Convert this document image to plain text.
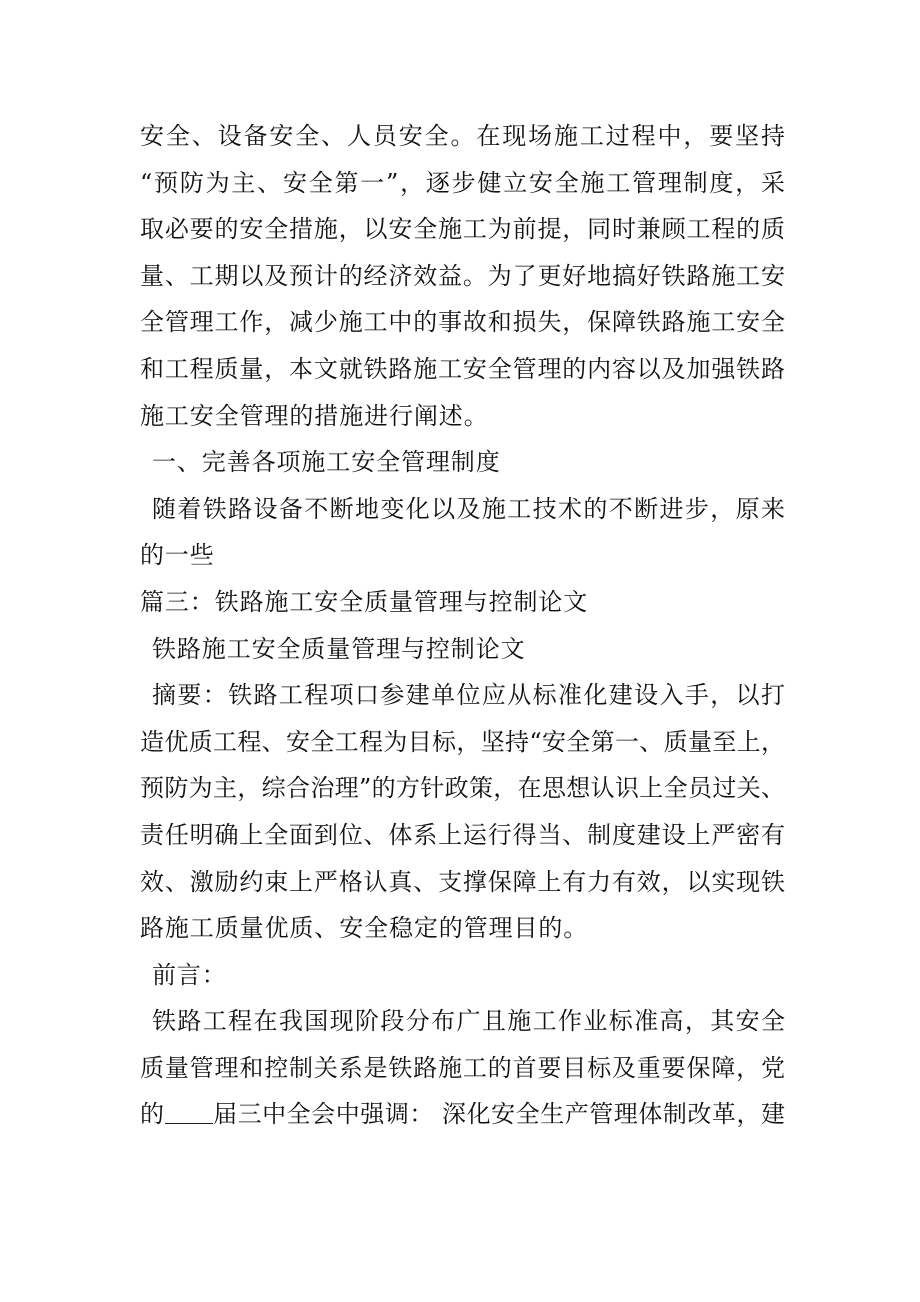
安全、设备安全、人员安全。在现场施工过程中，要坚持
“预防为主、安全第一”，逐步健立安全施工管理制度，采
取必要的安全措施，以安全施工为前提，同时兼顾工程的质
量、工期以及预计的经济效益。为了更好地搞好铁路施工安
全管理工作，减少施工中的事故和损失，保障铁路施工安全
和工程质量，本文就铁路施工安全管理的内容以及加强铁路
施工安全管理的措施进行阐述。
一、完善各项施工安全管理制度
随着铁路设备不断地变化以及施工技术的不断进步，原来
的一些
篇三：铁路施工安全质量管理与控制论文
铁路施工安全质量管理与控制论文
摘要：铁路工程项口参建单位应从标准化建设入手，以打
造优质工程、安全工程为目标，坚持“安全第一、质量至上，
预防为主，综合治理”的方针政策，在思想认识上全员过关、
责任明确上全面到位、体系上运行得当、制度建设上严密有
效、激励约束上严格认真、支撑保障上有力有效，以实现铁
路施工质量优质、安全稳定的管理目的。
前言：
铁路工程在我国现阶段分布广且施工作业标准高，其安全
质量管理和控制关系是铁路施工的首要目标及重要保障，党
的 届三中全会中强调： 深化安全生产管理体制改革，建
